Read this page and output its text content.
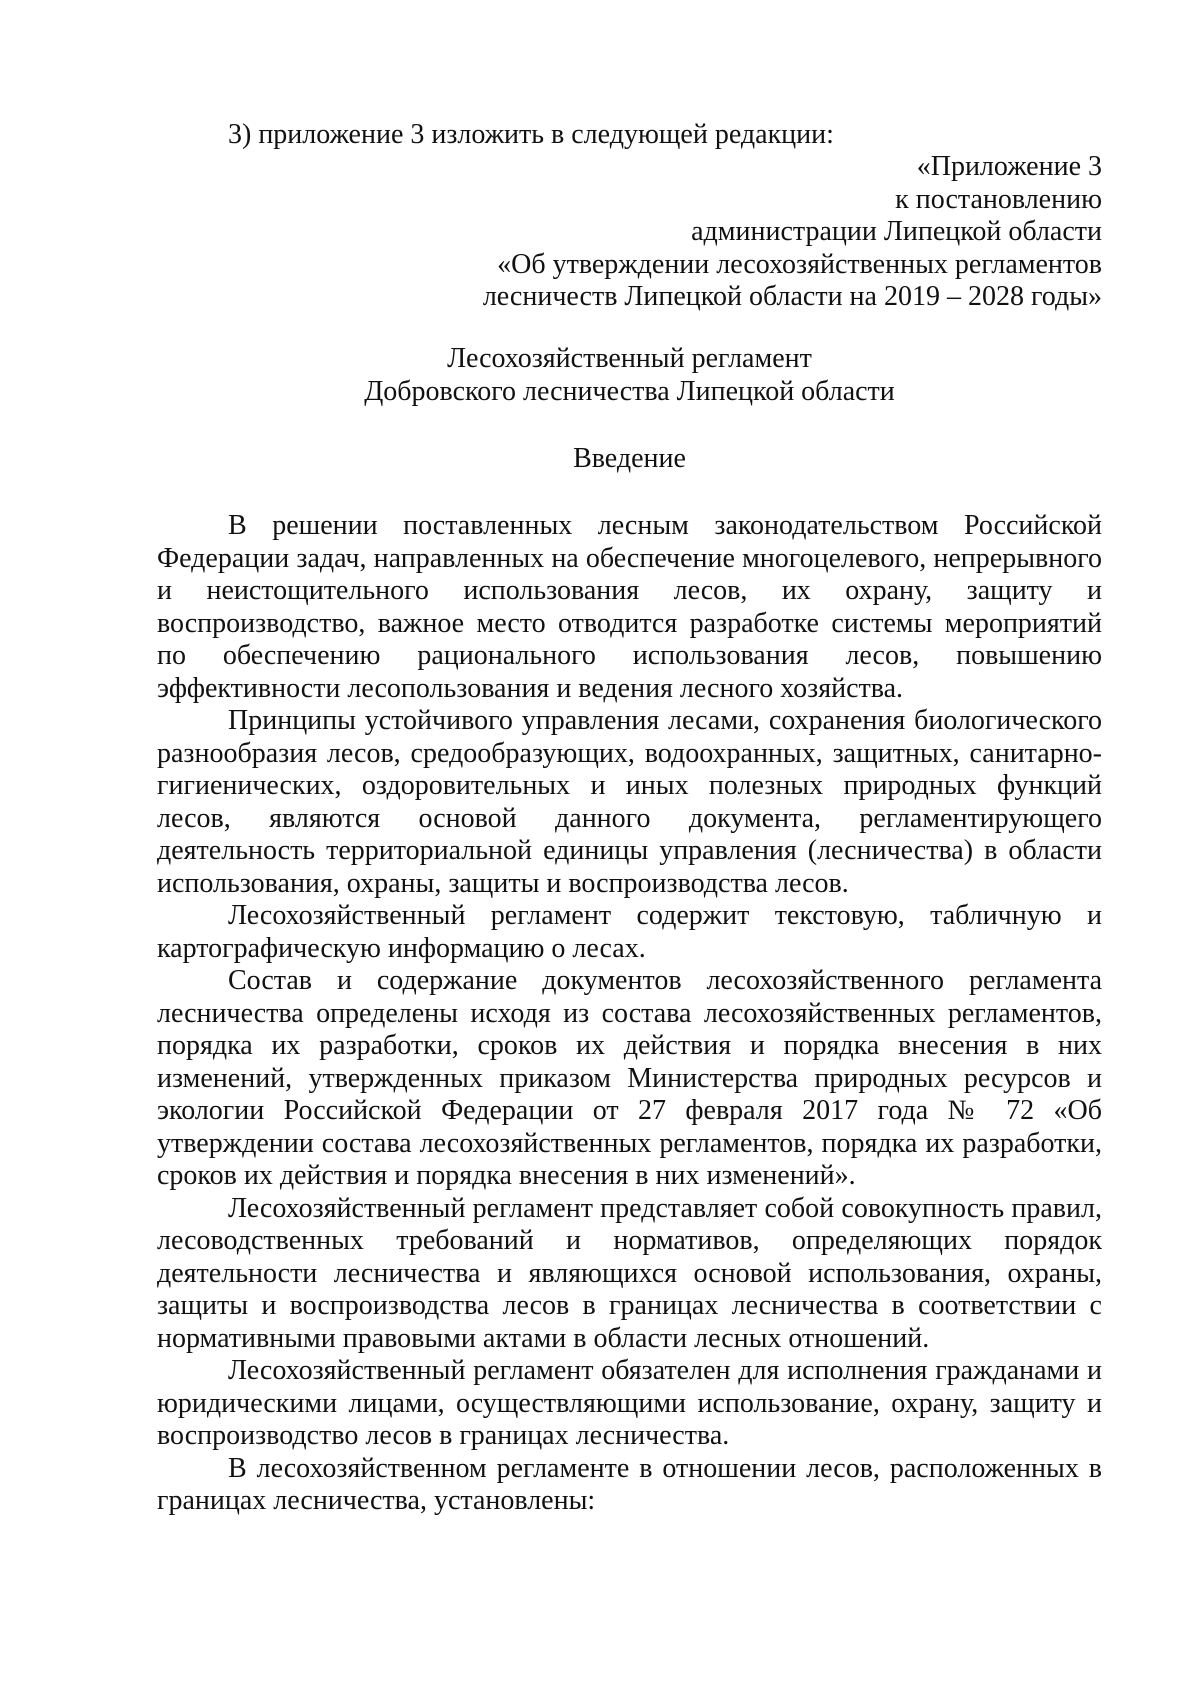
3) приложение 3 изложить в следующей редакции:

«Приложение 3
к постановлению
администрации Липецкой области
«Об утверждении лесохозяйственных регламентов
лесничеств Липецкой области на 2019 – 2028 годы»
Лесохозяйственный регламент
Добровского лесничества Липецкой области

Введение

В решении поставленных лесным законодательством Российской Федерации задач, направленных на обеспечение многоцелевого, непрерывного и неистощительного использования лесов, их охрану, защиту и воспроизводство, важное место отводится разработке системы мероприятий по обеспечению рационального использования лесов, повышению эффективности лесопользования и ведения лесного хозяйства.

Принципы устойчивого управления лесами, сохранения биологического разнообразия лесов, средообразующих, водоохранных, защитных, санитарно-гигиенических, оздоровительных и иных полезных природных функций лесов, являются основой данного документа, регламентирующего деятельность территориальной единицы управления (лесничества) в области использования, охраны, защиты и воспроизводства лесов.

Лесохозяйственный регламент содержит текстовую, табличную и картографическую информацию о лесах.

Состав и содержание документов лесохозяйственного регламента лесничества определены исходя из состава лесохозяйственных регламентов, порядка их разработки, сроков их действия и порядка внесения в них изменений, утвержденных приказом Министерства природных ресурсов и экологии Российской Федерации от 27 февраля 2017 года № 72 «Об утверждении состава лесохозяйственных регламентов, порядка их разработки, сроков их действия и порядка внесения в них изменений».

Лесохозяйственный регламент представляет собой совокупность правил, лесоводственных требований и нормативов, определяющих порядок деятельности лесничества и являющихся основой использования, охраны, защиты и воспроизводства лесов в границах лесничества в соответствии с нормативными правовыми актами в области лесных отношений.

Лесохозяйственный регламент обязателен для исполнения гражданами и юридическими лицами, осуществляющими использование, охрану, защиту и воспроизводство лесов в границах лесничества.

В лесохозяйственном регламенте в отношении лесов, расположенных в границах лесничества, установлены:
